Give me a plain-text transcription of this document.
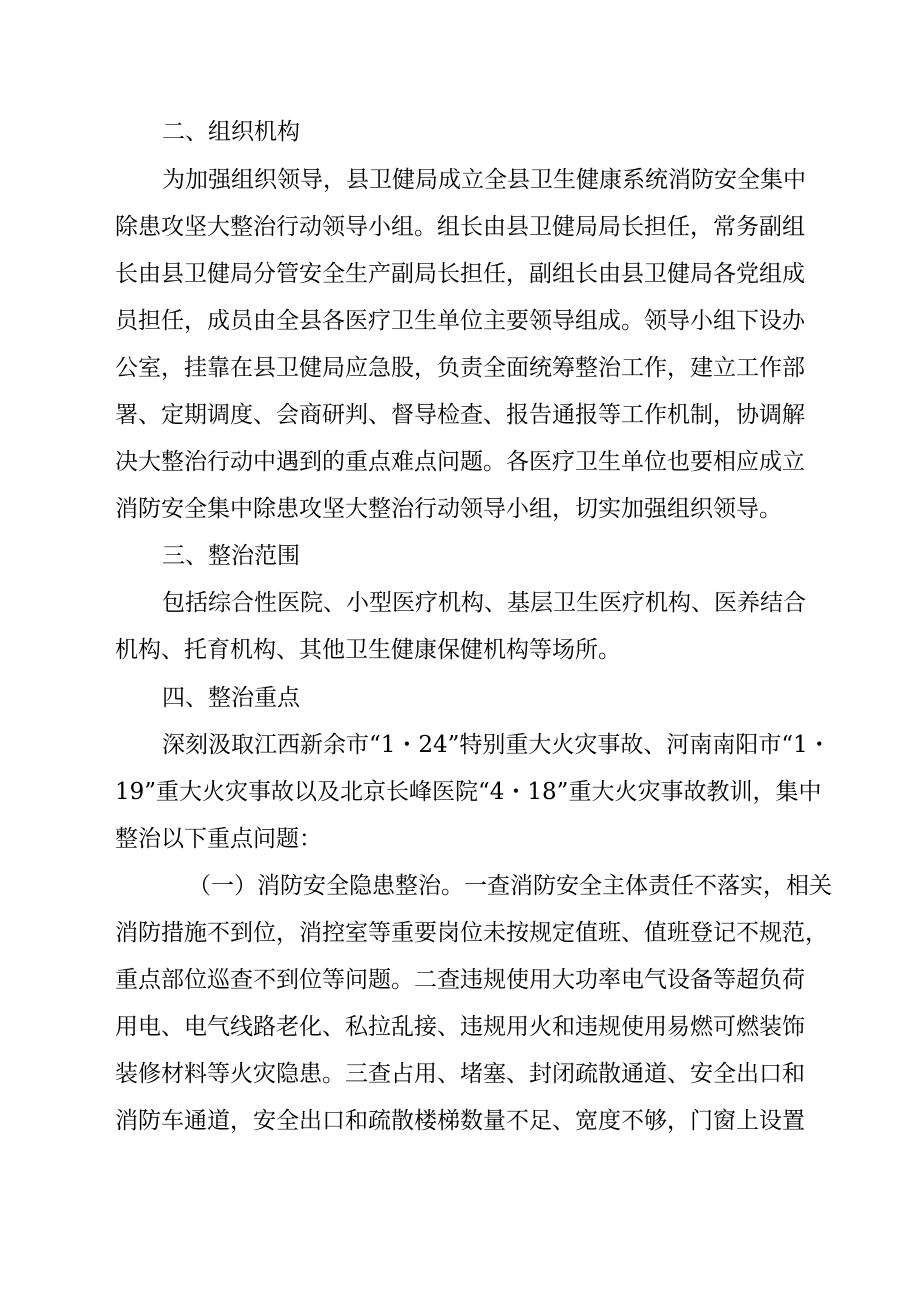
二、组织机构
为加强组织领导，县卫健局成立全县卫生健康系统消防安全集中
除患攻坚大整治行动领导小组。组长由县卫健局局长担任，常务副组
长由县卫健局分管安全生产副局长担任，副组长由县卫健局各党组成
员担任，成员由全县各医疗卫生单位主要领导组成。领导小组下设办
公室，挂靠在县卫健局应急股，负责全面统筹整治工作，建立工作部
署、定期调度、会商研判、督导检查、报告通报等工作机制，协调解
决大整治行动中遇到的重点难点问题。各医疗卫生单位也要相应成立
消防安全集中除患攻坚大整治行动领导小组，切实加强组织领导。
三、整治范围
包括综合性医院、小型医疗机构、基层卫生医疗机构、医养结合
机构、托育机构、其他卫生健康保健机构等场所。
四、整治重点
深刻汲取江西新余市“1・24”特别重大火灾事故、河南南阳市“1・
19”重大火灾事故以及北京长峰医院“4・18”重大火灾事故教训，集中
整治以下重点问题：
（一）消防安全隐患整治。一查消防安全主体责任不落实，相关
消防措施不到位，消控室等重要岗位未按规定值班、值班登记不规范，
重点部位巡查不到位等问题。二查违规使用大功率电气设备等超负荷
用电、电气线路老化、私拉乱接、违规用火和违规使用易燃可燃装饰
装修材料等火灾隐患。三查占用、堵塞、封闭疏散通道、安全出口和
消防车通道，安全出口和疏散楼梯数量不足、宽度不够，门窗上设置
